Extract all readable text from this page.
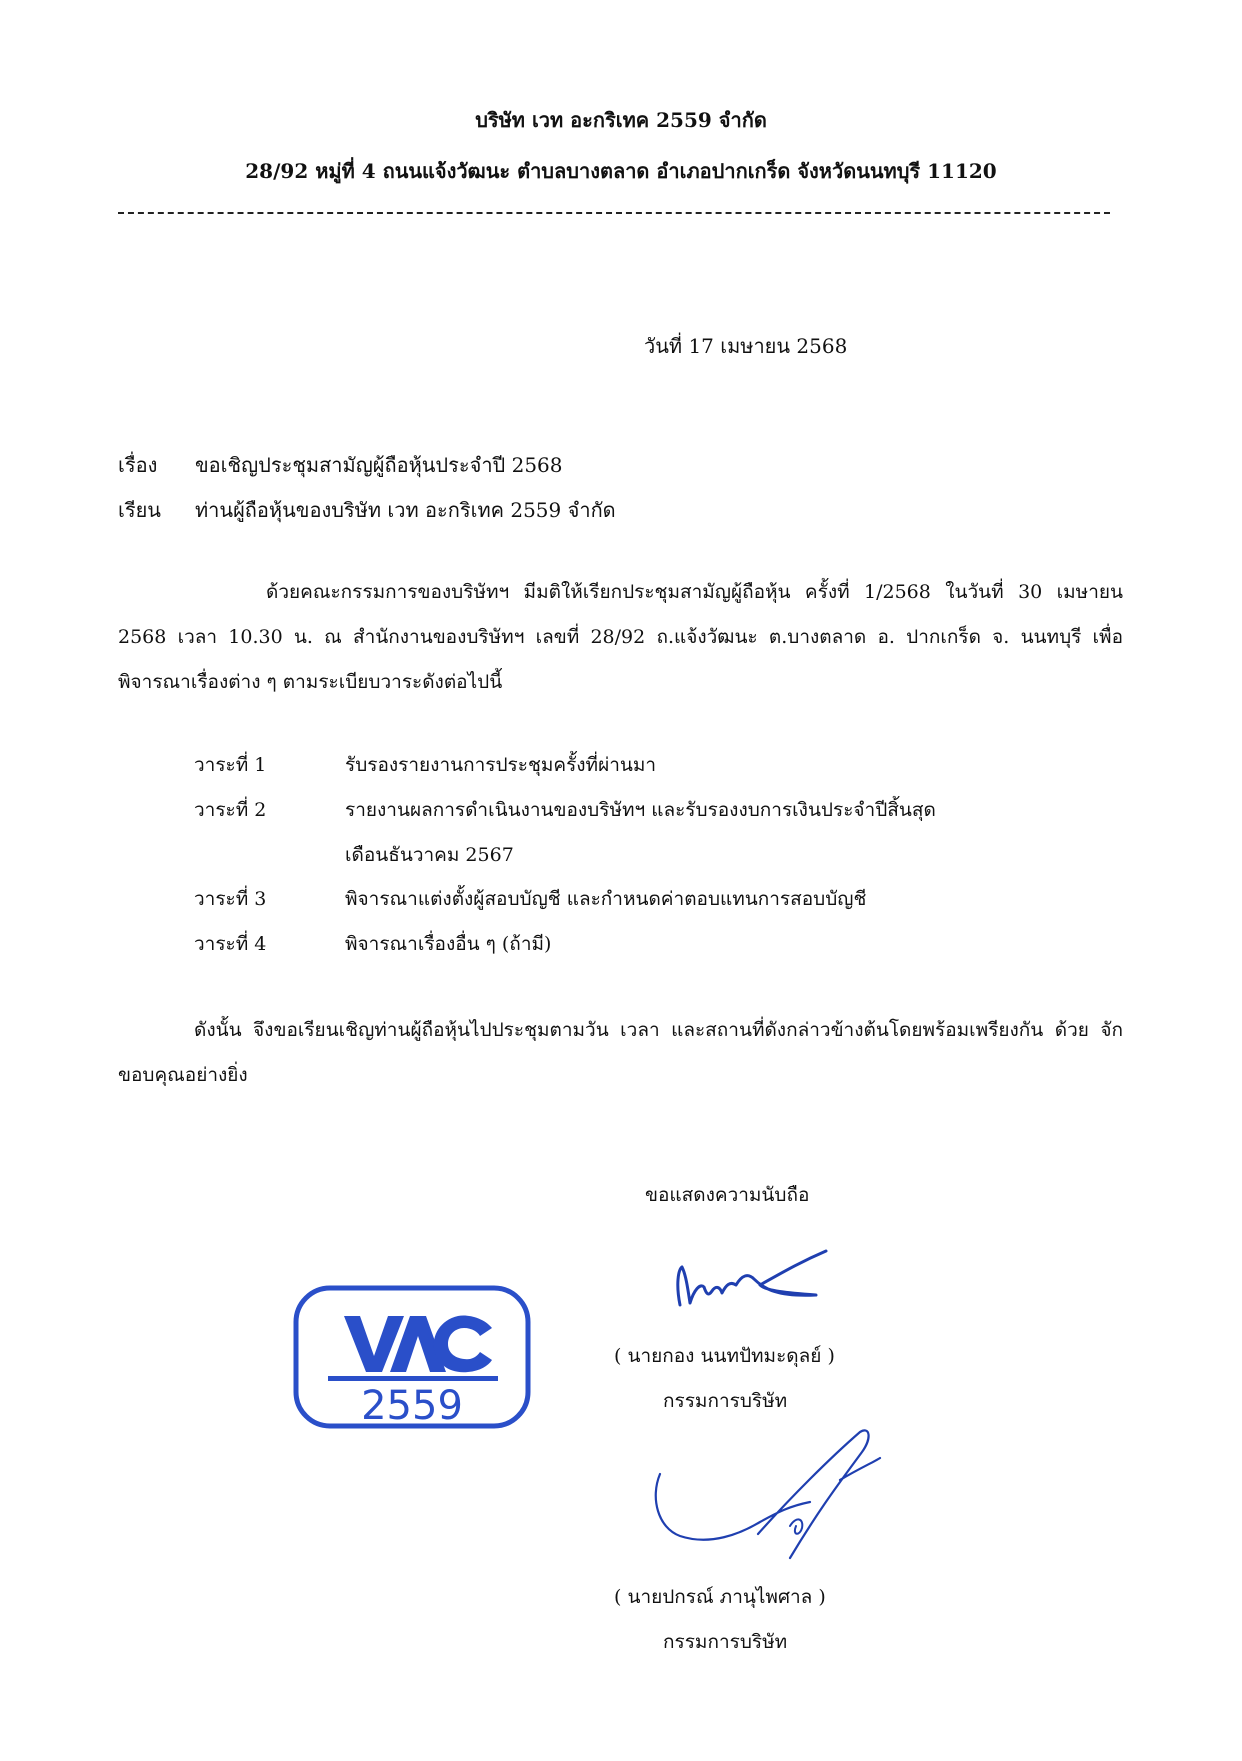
บริษัท เวท อะกริเทค 2559 จำกัด
28/92 หมู่ที่ 4 ถนนแจ้งวัฒนะ ตำบลบางตลาด อำเภอปากเกร็ด จังหวัดนนทบุรี 11120
วันที่ 17 เมษายน 2568
เรื่อง ขอเชิญประชุมสามัญผู้ถือหุ้นประจำปี 2568
เรียน ท่านผู้ถือหุ้นของบริษัท เวท อะกริเทค 2559 จำกัด
ด้วยคณะกรรมการของบริษัทฯ มีมติให้เรียกประชุมสามัญผู้ถือหุ้น ครั้งที่ 1/2568 ในวันที่ 30 เมษายน 2568 เวลา 10.30 น. ณ สำนักงานของบริษัทฯ เลขที่ 28/92 ถ.แจ้งวัฒนะ ต.บางตลาด อ. ปากเกร็ด จ. นนทบุรี เพื่อพิจารณาเรื่องต่าง ๆ ตามระเบียบวาระดังต่อไปนี้
วาระที่ 1	รับรองรายงานการประชุมครั้งที่ผ่านมา
วาระที่ 2	รายงานผลการดำเนินงานของบริษัทฯ และรับรองงบการเงินประจำปีสิ้นสุด
เดือนธันวาคม 2567
วาระที่ 3	พิจารณาแต่งตั้งผู้สอบบัญชี และกำหนดค่าตอบแทนการสอบบัญชี
วาระที่ 4	พิจารณาเรื่องอื่น ๆ (ถ้ามี)
ดังนั้น จึงขอเรียนเชิญท่านผู้ถือหุ้นไปประชุมตามวัน เวลา และสถานที่ดังกล่าวข้างต้นโดยพร้อมเพรียงกัน ด้วย จักขอบคุณอย่างยิ่ง
ขอแสดงความนับถือ
2559
( นายกอง นนทปัทมะดุลย์ )
กรรมการบริษัท
( นายปกรณ์ ภานุไพศาล )
กรรมการบริษัท
